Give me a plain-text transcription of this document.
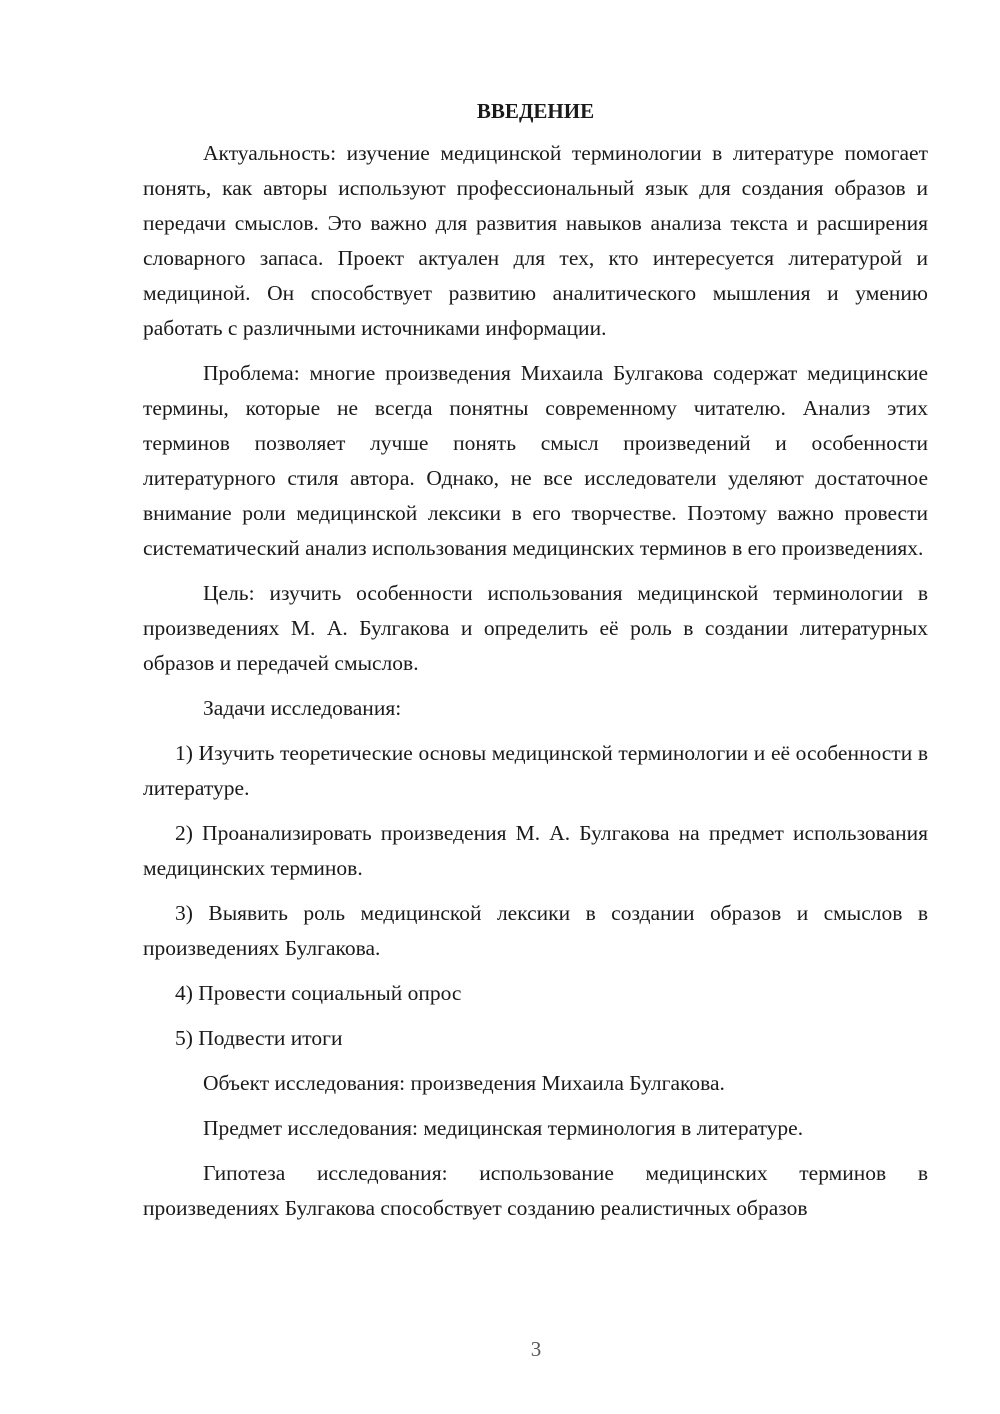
ВВЕДЕНИЕ

Актуальность: изучение медицинской терминологии в литературе помогает понять, как авторы используют профессиональный язык для создания образов и передачи смыслов. Это важно для развития навыков анализа текста и расширения словарного запаса. Проект актуален для тех, кто интересуется литературой и медициной. Он способствует развитию аналитического мышления и умению работать с различными источниками информации.

Проблема: многие произведения Михаила Булгакова содержат медицинские термины, которые не всегда понятны современному читателю. Анализ этих терминов позволяет лучше понять смысл произведений и особенности литературного стиля автора. Однако, не все исследователи уделяют достаточное внимание роли медицинской лексики в его творчестве. Поэтому важно провести систематический анализ использования медицинских терминов в его произведениях.

Цель: изучить особенности использования медицинской терминологии в произведениях М. А. Булгакова и определить её роль в создании литературных образов и передачей смыслов.

Задачи исследования:

1) Изучить теоретические основы медицинской терминологии и её особенности в литературе.

2) Проанализировать произведения М. А. Булгакова на предмет использования медицинских терминов.

3) Выявить роль медицинской лексики в создании образов и смыслов в произведениях Булгакова.

4) Провести социальный опрос

5) Подвести итоги

Объект исследования: произведения Михаила Булгакова.

Предмет исследования: медицинская терминология в литературе.

Гипотеза исследования: использование медицинских терминов в произведениях Булгакова способствует созданию реалистичных образов

3
